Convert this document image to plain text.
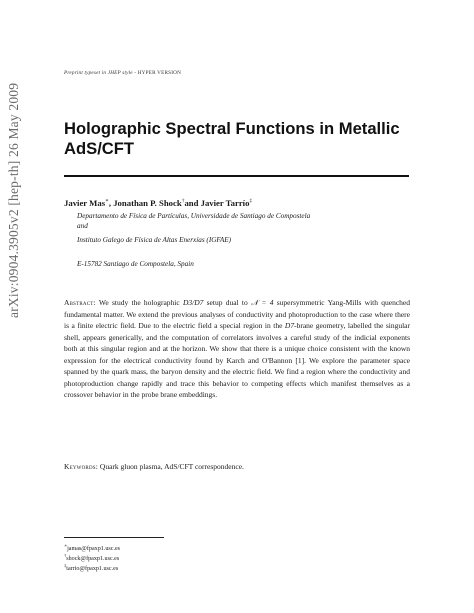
arXiv:0904.3905v2 [hep-th] 26 May 2009
Preprint typeset in JHEP style - HYPER VERSION
Holographic Spectral Functions in Metallic
AdS/CFT
Javier Mas∗, Jonathan P. Shock†and Javier Tarrío‡
Departamento de Física de Partículas, Universidade de Santiago de Compostela
and
Instituto Galego de Física de Altas Enerxías (IGFAE)
E-15782 Santiago de Compostela, Spain
Abstract: We study the holographic D3/D7 setup dual to 𝒩 = 4 supersymmetric Yang-Mills with quenched fundamental matter. We extend the previous analyses of conductivity and photoproduction to the case where there is a finite electric field. Due to the electric field a special region in the D7-brane geometry, labelled the singular shell, appears generically, and the computation of correlators involves a careful study of the indicial exponents both at this singular region and at the horizon. We show that there is a unique choice consistent with the known expression for the electrical conductivity found by Karch and O'Bannon [1]. We explore the parameter space spanned by the quark mass, the baryon density and the electric field. We find a region where the conductivity and photoproduction change rapidly and trace this behavior to competing effects which manifest themselves as a crossover behavior in the probe brane embeddings.
Keywords: Quark gluon plasma, AdS/CFT correspondence.
∗jamas@fpaxp1.usc.es
†shock@fpaxp1.usc.es
‡tarrio@fpaxp1.usc.es
